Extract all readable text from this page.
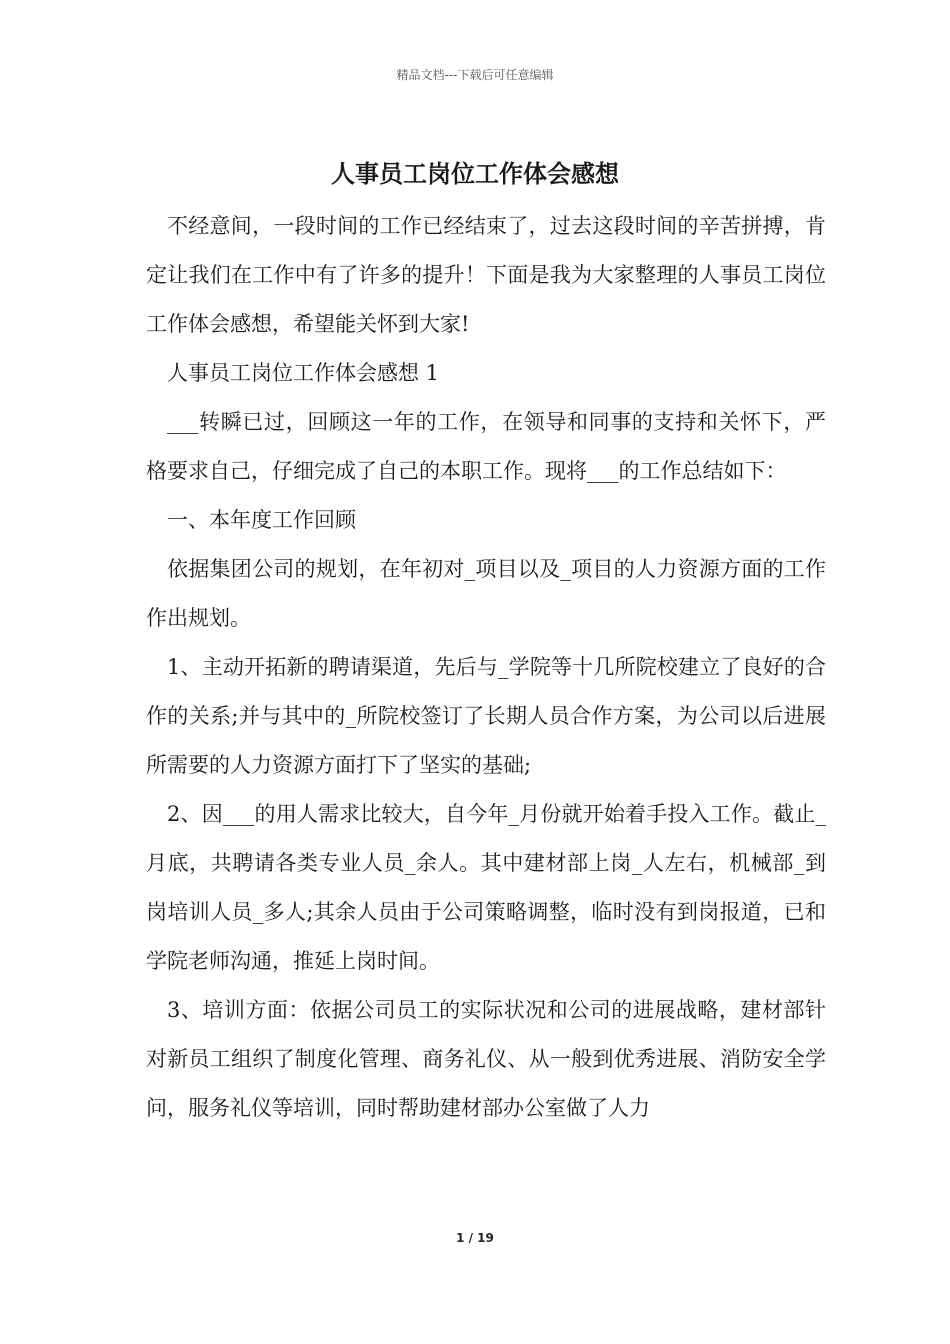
精品文档---下载后可任意编辑
人事员工岗位工作体会感想

不经意间，一段时间的工作已经结束了，过去这段时间的辛苦拼搏，肯定让我们在工作中有了许多的提升！下面是我为大家整理的人事员工岗位工作体会感想，希望能关怀到大家!

人事员工岗位工作体会感想 1

___转瞬已过，回顾这一年的工作，在领导和同事的支持和关怀下，严格要求自己，仔细完成了自己的本职工作。现将___的工作总结如下：

一、本年度工作回顾

依据集团公司的规划，在年初对_项目以及_项目的人力资源方面的工作作出规划。

1、主动开拓新的聘请渠道，先后与_学院等十几所院校建立了良好的合作的关系;并与其中的_所院校签订了长期人员合作方案，为公司以后进展所需要的人力资源方面打下了坚实的基础;

2、因___的用人需求比较大，自今年_月份就开始着手投入工作。截止_月底，共聘请各类专业人员_余人。其中建材部上岗_人左右，机械部_到岗培训人员_多人;其余人员由于公司策略调整，临时没有到岗报道，已和学院老师沟通，推延上岗时间。

3、培训方面：依据公司员工的实际状况和公司的进展战略，建材部针对新员工组织了制度化管理、商务礼仪、从一般到优秀进展、消防安全学问，服务礼仪等培训，同时帮助建材部办公室做了人力

1 / 19
